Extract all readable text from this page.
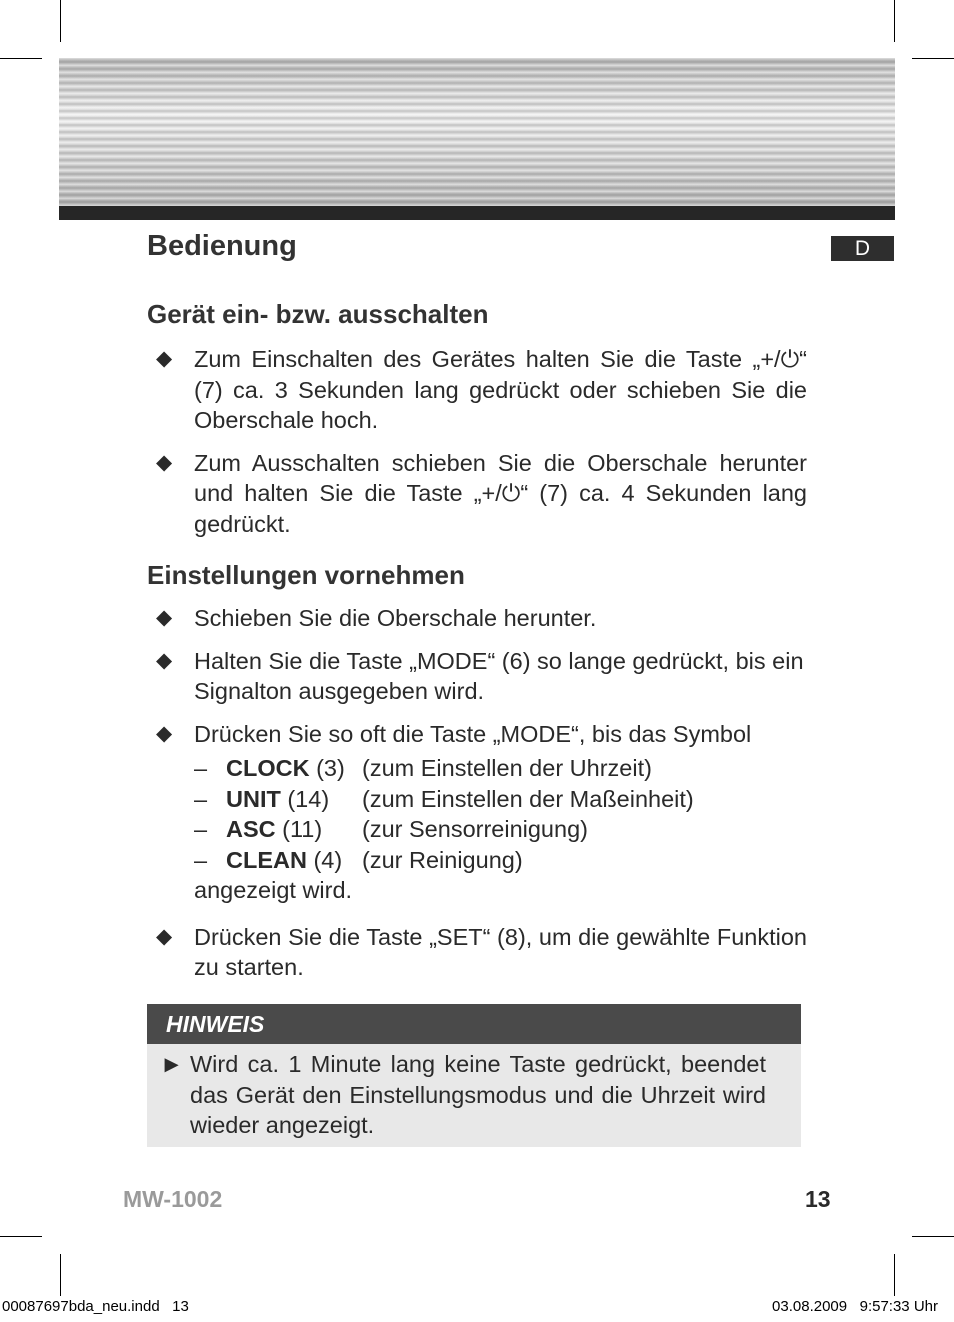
Bedienung	D
Gerät ein- bzw. ausschalten
◆ Zum Einschalten des Gerätes halten Sie die Taste „+/⏻“ (7) ca. 3 Sekunden lang gedrückt oder schieben Sie die Oberschale hoch.
◆ Zum Ausschalten schieben Sie die Oberschale herunter und halten Sie die Taste „+/⏻“ (7) ca. 4 Sekunden lang gedrückt.
Einstellungen vornehmen
◆ Schieben Sie die Oberschale herunter.
◆ Halten Sie die Taste „MODE“ (6) so lange gedrückt, bis ein Signalton ausgegeben wird.
◆ Drücken Sie so oft die Taste „MODE“, bis das Symbol
– CLOCK (3) (zum Einstellen der Uhrzeit)
– UNIT (14)	(zum Einstellen der Maßeinheit)
– ASC (11)	(zur Sensorreinigung)
– CLEAN (4) (zur Reinigung)
angezeigt wird.
◆ Drücken Sie die Taste „SET“ (8), um die gewählte Funktion zu starten.
HINWEIS
► Wird ca. 1 Minute lang keine Taste gedrückt, beendet das Gerät den Einstellungsmodus und die Uhrzeit wird wieder angezeigt.
MW-1002	13
00087697bda_neu.indd   13	03.08.2009   9:57:33 Uhr
